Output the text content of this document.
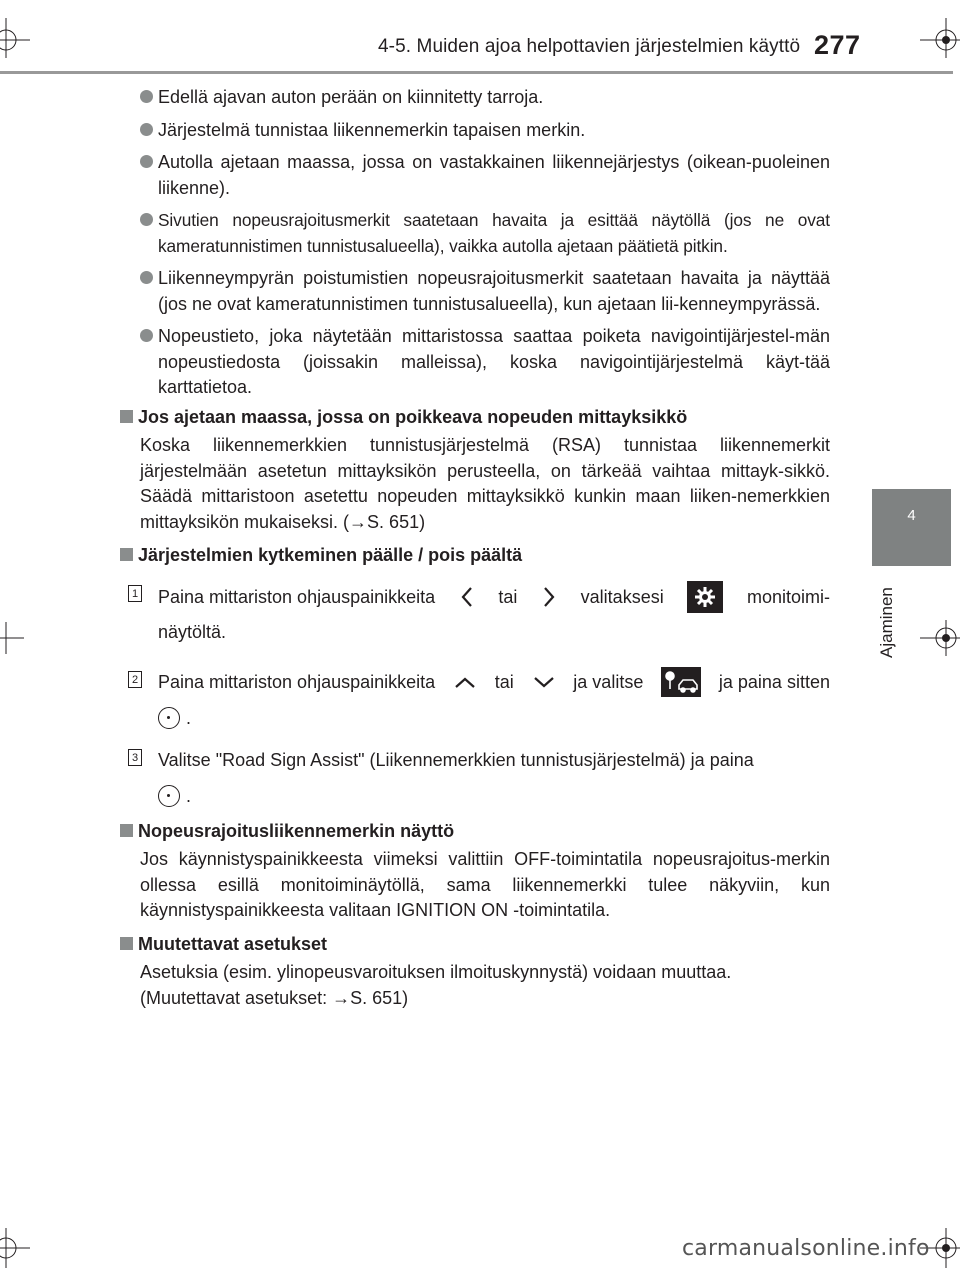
4-5. Muiden ajoa helpottavien järjestelmien käyttö 277
4
Ajaminen
Edellä ajavan auton perään on kiinnitetty tarroja.
Järjestelmä tunnistaa liikennemerkin tapaisen merkin.
Autolla ajetaan maassa, jossa on vastakkainen liikennejärjestys (oikean-puoleinen liikenne).
Sivutien nopeusrajoitusmerkit saatetaan havaita ja esittää näytöllä (jos ne ovat kameratunnistimen tunnistusalueella), vaikka autolla ajetaan päätietä pitkin.
Liikenneympyrän poistumistien nopeusrajoitusmerkit saatetaan havaita ja näyttää (jos ne ovat kameratunnistimen tunnistusalueella), kun ajetaan lii-kenneympyrässä.
Nopeustieto, joka näytetään mittaristossa saattaa poiketa navigointijärjestel-män nopeustiedosta (joissakin malleissa), koska navigointijärjestelmä käyt-tää karttatietoa.
Jos ajetaan maassa, jossa on poikkeava nopeuden mittayksikkö
Koska liikennemerkkien tunnistusjärjestelmä (RSA) tunnistaa liikennemerkit järjestelmään asetetun mittayksikön perusteella, on tärkeää vaihtaa mittayk-sikkö. Säädä mittaristoon asetettu nopeuden mittayksikkö kunkin maan liiken-nemerkkien mittayksikön mukaiseksi. (→S. 651)
Järjestelmien kytkeminen päälle / pois päältä
1 Paina mittariston ohjauspainikkeita	tai	valitaksesi	monitoimi-
näytöltä.
2 Paina mittariston ohjauspainikkeita	tai	ja valitse	ja paina sitten
.
3 Valitse "Road Sign Assist" (Liikennemerkkien tunnistusjärjestelmä) ja paina
.
Nopeusrajoitusliikennemerkin näyttö
Jos käynnistyspainikkeesta viimeksi valittiin OFF-toimintatila nopeusrajoitus-merkin ollessa esillä monitoiminäytöllä, sama liikennemerkki tulee näkyviin, kun käynnistyspainikkeesta valitaan IGNITION ON -toimintatila.
Muutettavat asetukset
Asetuksia (esim. ylinopeusvaroituksen ilmoituskynnystä) voidaan muuttaa.
(Muutettavat asetukset: →S. 651)
carmanualsonline.info
